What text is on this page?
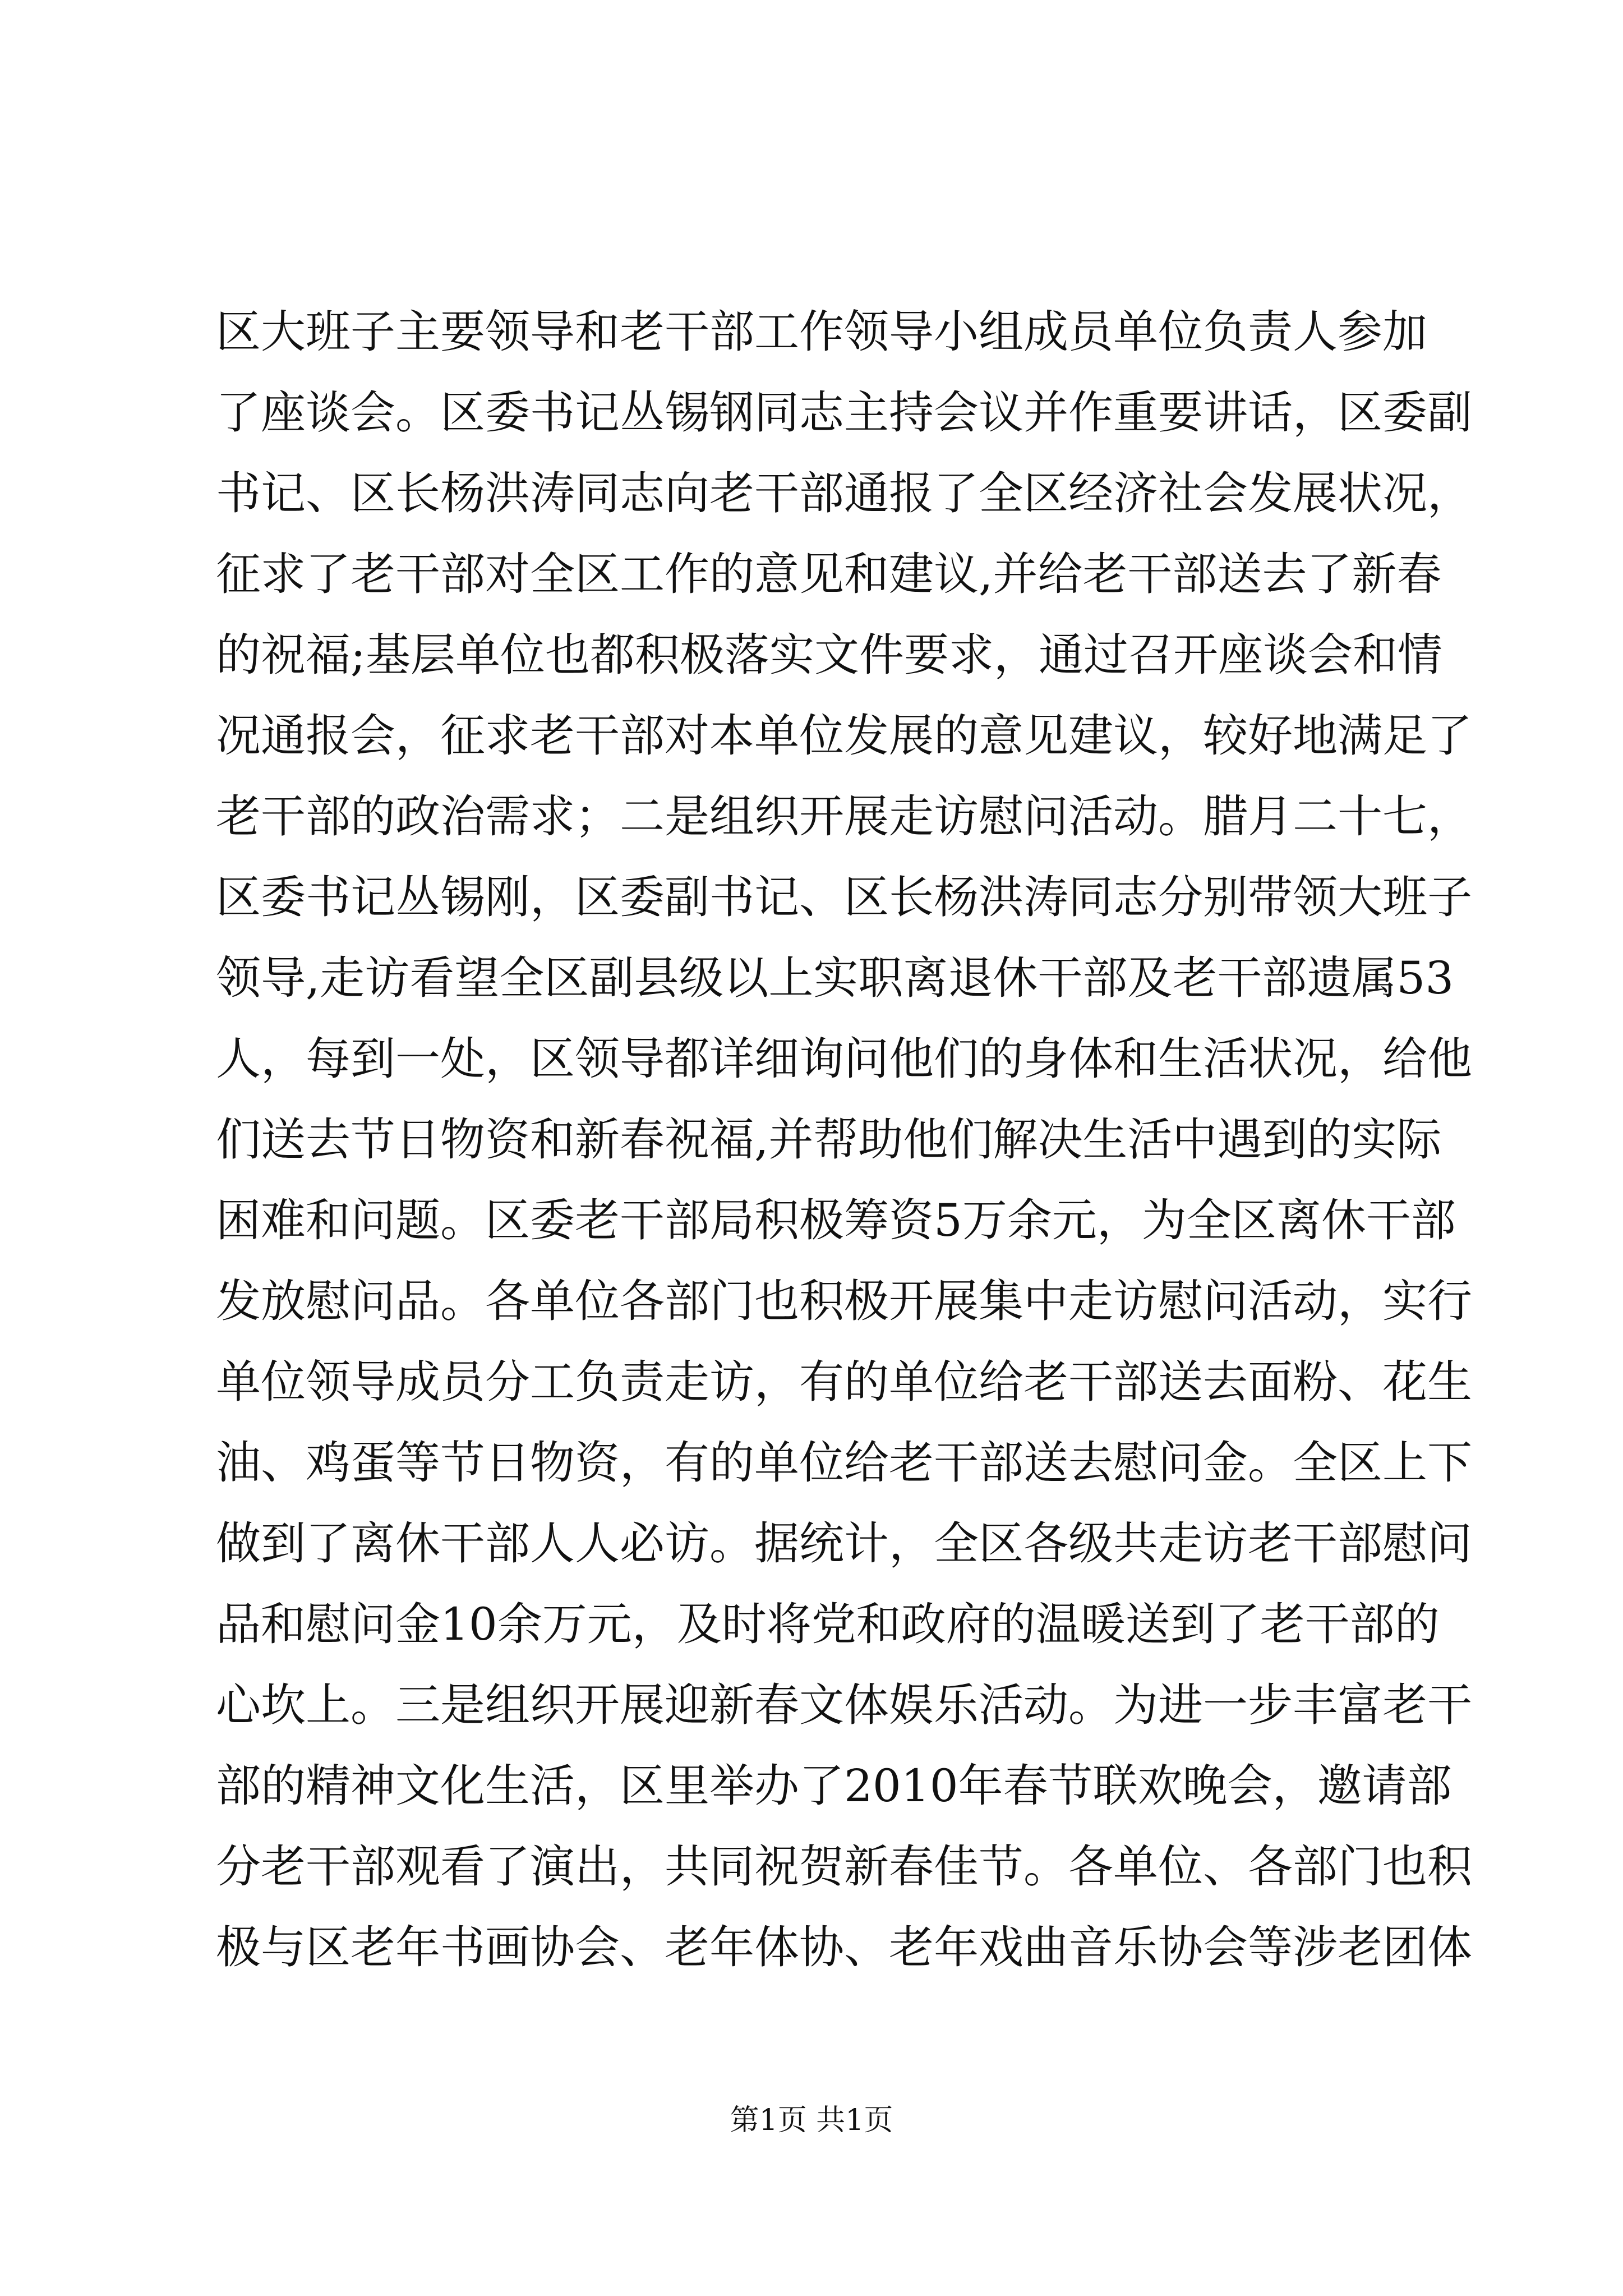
区大班子主要领导和老干部工作领导小组成员单位负责人参加
了座谈会。区委书记丛锡钢同志主持会议并作重要讲话，区委副
书记、区长杨洪涛同志向老干部通报了全区经济社会发展状况，
征求了老干部对全区工作的意见和建议,并给老干部送去了新春
的祝福;基层单位也都积极落实文件要求，通过召开座谈会和情
况通报会，征求老干部对本单位发展的意见建议，较好地满足了
老干部的政治需求；二是组织开展走访慰问活动。腊月二十七，
区委书记丛锡刚，区委副书记、区长杨洪涛同志分别带领大班子
领导,走访看望全区副县级以上实职离退休干部及老干部遗属53
人，每到一处，区领导都详细询问他们的身体和生活状况，给他
们送去节日物资和新春祝福,并帮助他们解决生活中遇到的实际
困难和问题。区委老干部局积极筹资5万余元，为全区离休干部
发放慰问品。各单位各部门也积极开展集中走访慰问活动，实行
单位领导成员分工负责走访，有的单位给老干部送去面粉、花生
油、鸡蛋等节日物资，有的单位给老干部送去慰问金。全区上下
做到了离休干部人人必访。据统计，全区各级共走访老干部慰问
品和慰问金10余万元，及时将党和政府的温暖送到了老干部的
心坎上。三是组织开展迎新春文体娱乐活动。为进一步丰富老干
部的精神文化生活，区里举办了2010年春节联欢晚会，邀请部
分老干部观看了演出，共同祝贺新春佳节。各单位、各部门也积
极与区老年书画协会、老年体协、老年戏曲音乐协会等涉老团体
第1页 共1页
